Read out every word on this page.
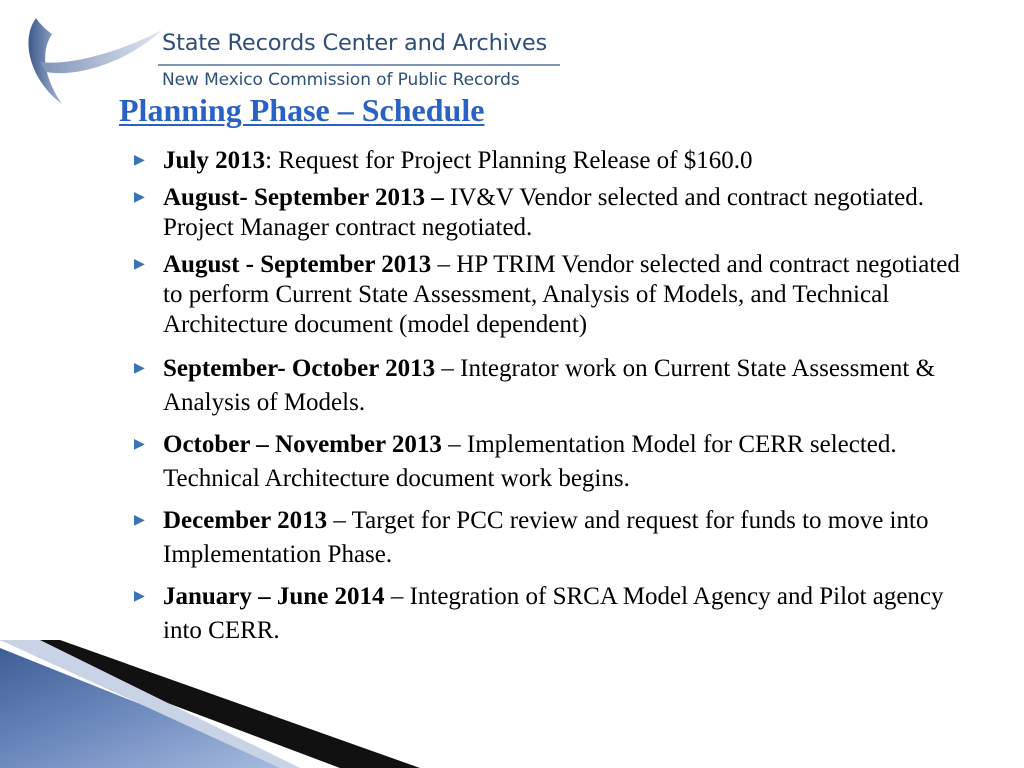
State Records Center and Archives
New Mexico Commission of Public Records
Planning Phase – Schedule
▶ July 2013: Request for Project Planning Release of $160.0
▶ August- September 2013 – IV&V Vendor selected and contract negotiated. Project Manager contract negotiated.
▶ August - September 2013 – HP TRIM Vendor selected and contract negotiated to perform Current State Assessment, Analysis of Models, and Technical Architecture document (model dependent)
▶ September- October 2013 – Integrator work on Current State Assessment & Analysis of Models.
▶ October – November 2013 – Implementation Model for CERR selected. Technical Architecture document work begins.
▶ December 2013 – Target for PCC review and request for funds to move into Implementation Phase.
▶ January – June 2014 – Integration of SRCA Model Agency and Pilot agency into CERR.
